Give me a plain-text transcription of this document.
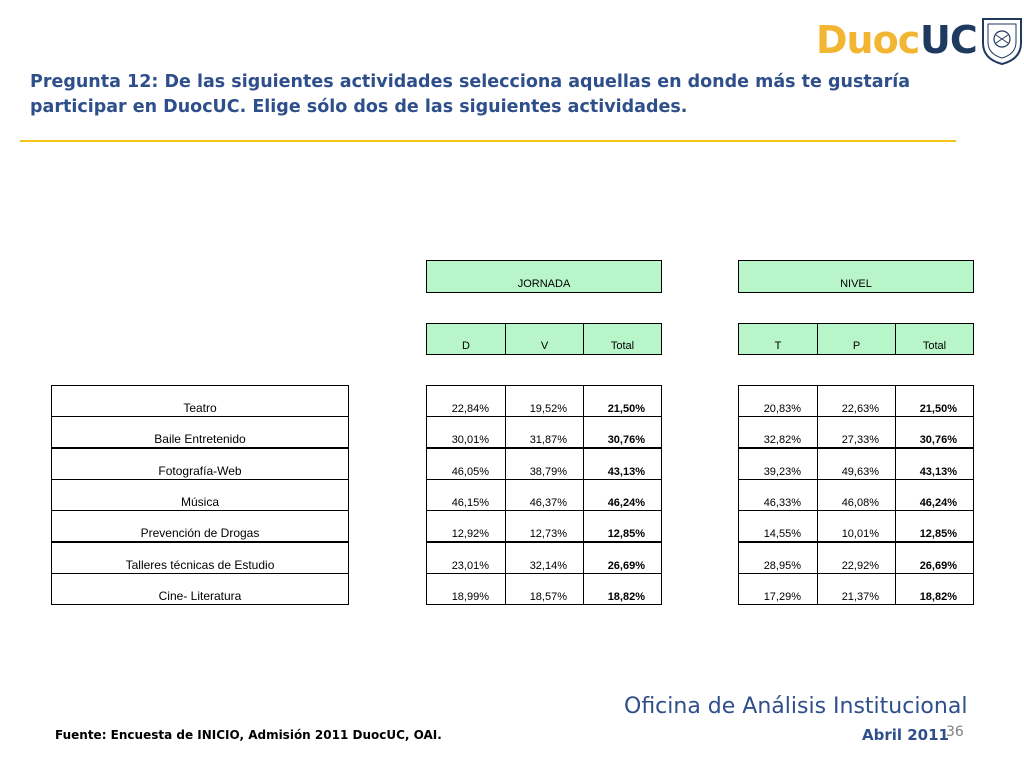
Duoc UC
Pregunta 12: De las siguientes actividades selecciona aquellas en donde más te gustaría participar en DuocUC. Elige sólo dos de las siguientes actividades.
JORNADA	NIVEL
D	V	Total	T	P	Total
Teatro	22,84%	19,52%	21,50%	20,83%	22,63%	21,50%
Baile Entretenido	30,01%	31,87%	30,76%	32,82%	27,33%	30,76%
Fotografía-Web	46,05%	38,79%	43,13%	39,23%	49,63%	43,13%
Música	46,15%	46,37%	46,24%	46,33%	46,08%	46,24%
Prevención de Drogas	12,92%	12,73%	12,85%	14,55%	10,01%	12,85%
Talleres técnicas de Estudio	23,01%	32,14%	26,69%	28,95%	22,92%	26,69%
Cine- Literatura	18,99%	18,57%	18,82%	17,29%	21,37%	18,82%
Fuente: Encuesta de INICIO, Admisión 2011 DuocUC, OAI.
Oficina de Análisis Institucional
Abril 2011
36
